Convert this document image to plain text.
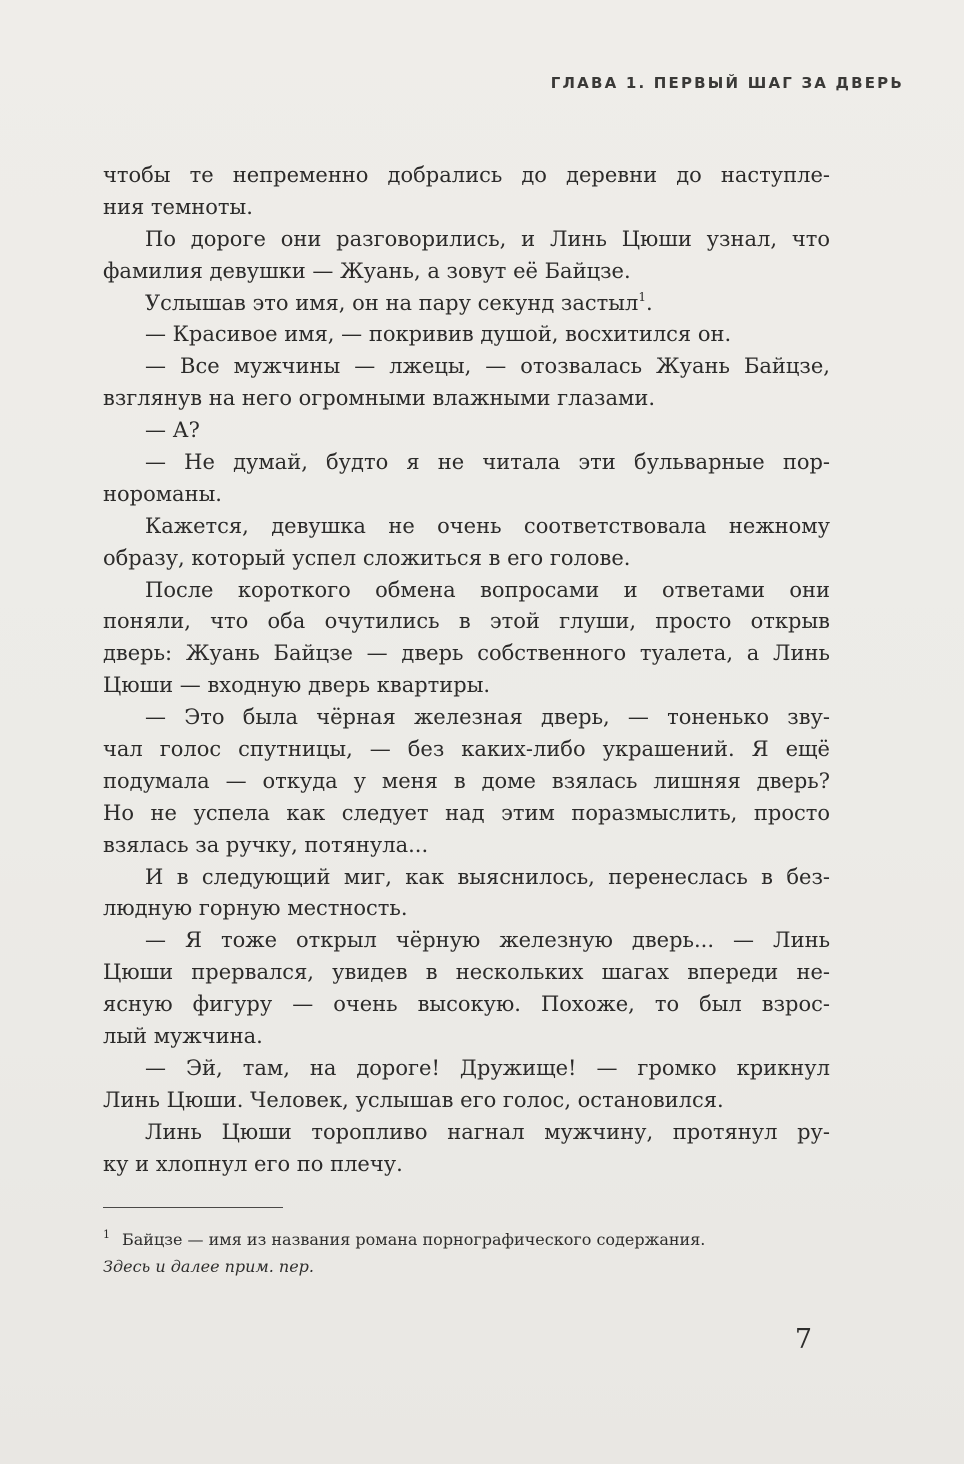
ГЛАВА 1. ПЕРВЫЙ ШАГ ЗА ДВЕРЬ
чтобы те непременно добрались до деревни до наступле-
ния темноты.
По дороге они разговорились, и Линь Цюши узнал, что
фамилия девушки — Жуань, а зовут её Байцзе.
Услышав это имя, он на пару секунд застыл$^1$.
— Красивое имя, — покривив душой, восхитился он.
— Все мужчины — лжецы, — отозвалась Жуань Байцзе,
взглянув на него огромными влажными глазами.
— А?
— Не думай, будто я не читала эти бульварные пор-
нороманы.
Кажется, девушка не очень соответствовала нежному
образу, который успел сложиться в его голове.
После короткого обмена вопросами и ответами они
поняли, что оба очутились в этой глуши, просто открыв
дверь: Жуань Байцзе — дверь собственного туалета, а Линь
Цюши — входную дверь квартиры.
— Это была чёрная железная дверь, — тоненько зву-
чал голос спутницы, — без каких-либо украшений. Я ещё
подумала — откуда у меня в доме взялась лишняя дверь?
Но не успела как следует над этим поразмыслить, просто
взялась за ручку, потянула...
И в следующий миг, как выяснилось, перенеслась в без-
людную горную местность.
— Я тоже открыл чёрную железную дверь... — Линь
Цюши прервался, увидев в нескольких шагах впереди не-
ясную фигуру — очень высокую. Похоже, то был взрос-
лый мужчина.
— Эй, там, на дороге! Дружище! — громко крикнул
Линь Цюши. Человек, услышав его голос, остановился.
Линь Цюши торопливо нагнал мужчину, протянул ру-
ку и хлопнул его по плечу.
$^1$ Байцзе — имя из названия романа порнографического содержания.
Здесь и далее прим. пер.
7
